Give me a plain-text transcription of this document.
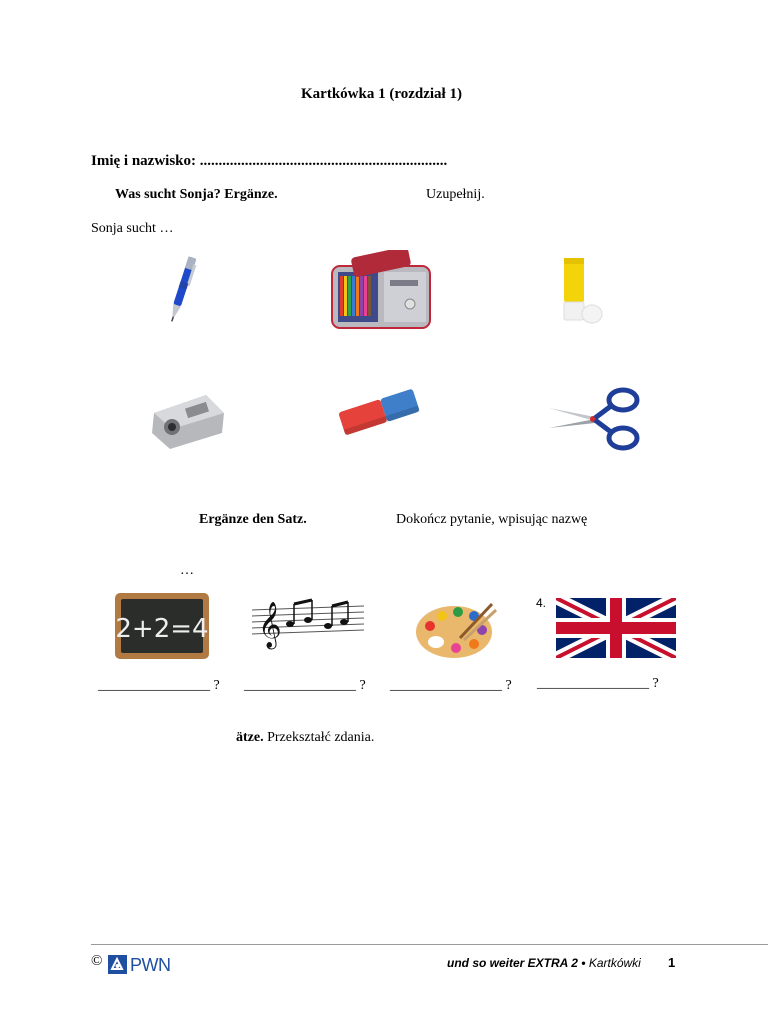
Kartkówka 1 (rozdział 1)
Imię i nazwisko: ..................................................................
Was sucht Sonja? Ergänze.	Uzupełnij.
Sonja sucht …
Ergänze den Satz.	Dokończ pytanie, wpisując nazwę
…
2+2=4 𝄞	4.
________________ ? ________________ ? ________________ ? ________________ ?
ätze. Przekształć zdania.
© PWN	und so weiter EXTRA 2 • Kartkówki 1
